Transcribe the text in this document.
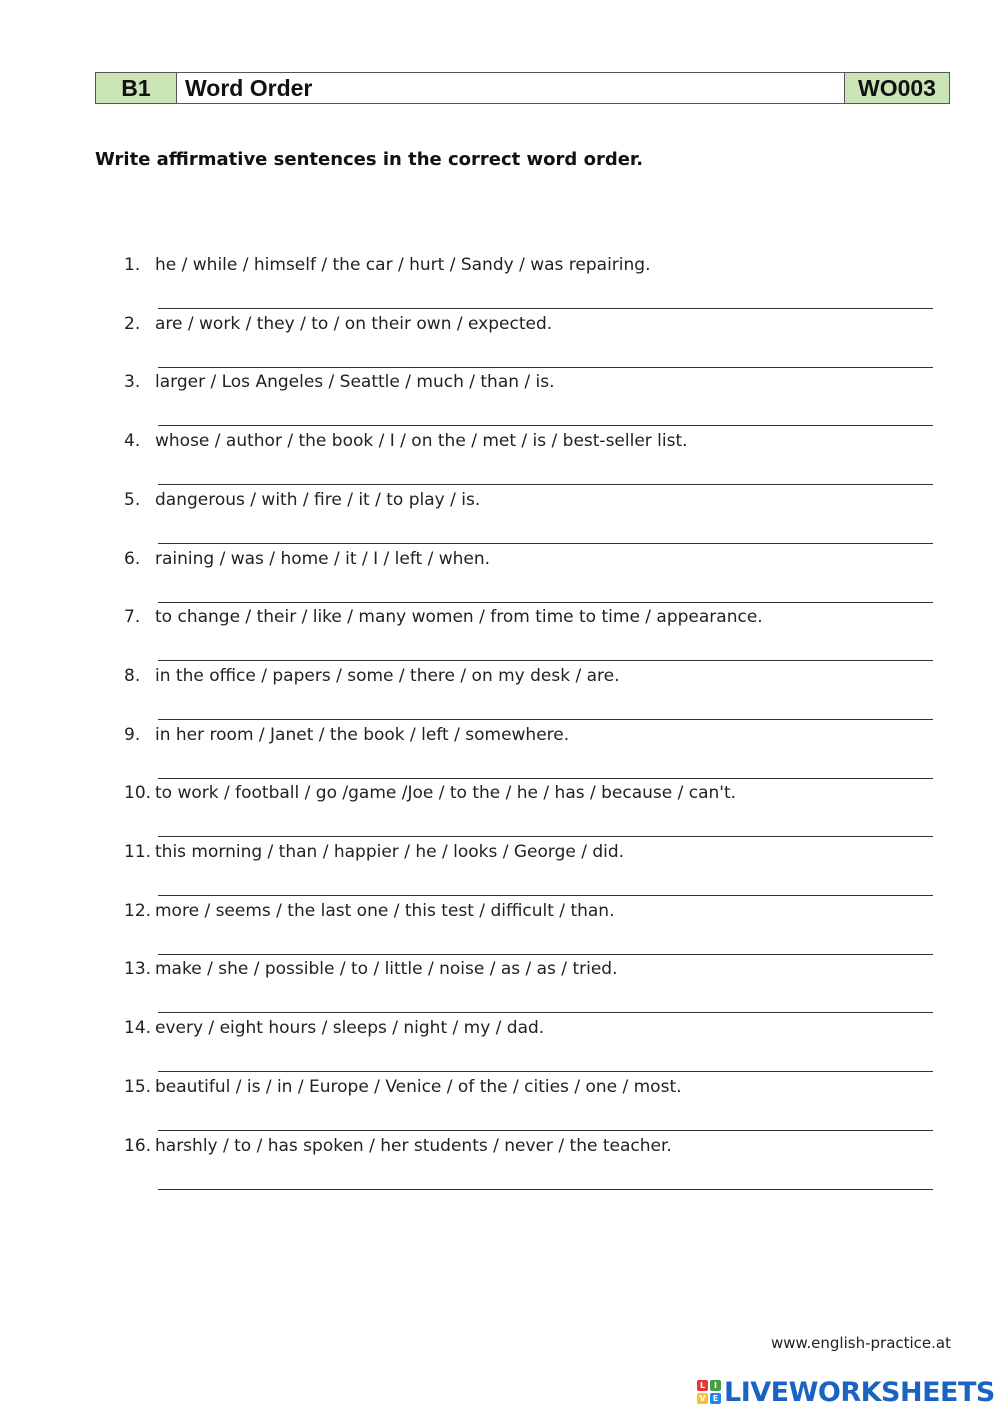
B1	Word Order	WO003
Write affirmative sentences in the correct word order.
1. he / while / himself / the car / hurt / Sandy / was repairing.
2. are / work / they / to / on their own / expected.
3. larger / Los Angeles / Seattle / much / than / is.
4. whose / author / the book / I / on the / met / is / best-seller list.
5. dangerous / with / fire / it / to play / is.
6. raining / was / home / it / I / left / when.
7. to change / their / like / many women / from time to time / appearance.
8. in the office / papers / some / there / on my desk / are.
9. in her room / Janet / the book / left / somewhere.
10. to work / football / go /game /Joe / to the / he / has / because / can't.
11. this morning / than / happier / he / looks / George / did.
12. more / seems / the last one / this test / difficult / than.
13. make / she / possible / to / little / noise / as / as / tried.
14. every / eight hours / sleeps / night / my / dad.
15. beautiful / is / in / Europe / Venice / of the / cities / one / most.
16. harshly / to / has spoken / her students / never / the teacher.
www.english-practice.at
L	I
V E LIVEWORKSHEETS
